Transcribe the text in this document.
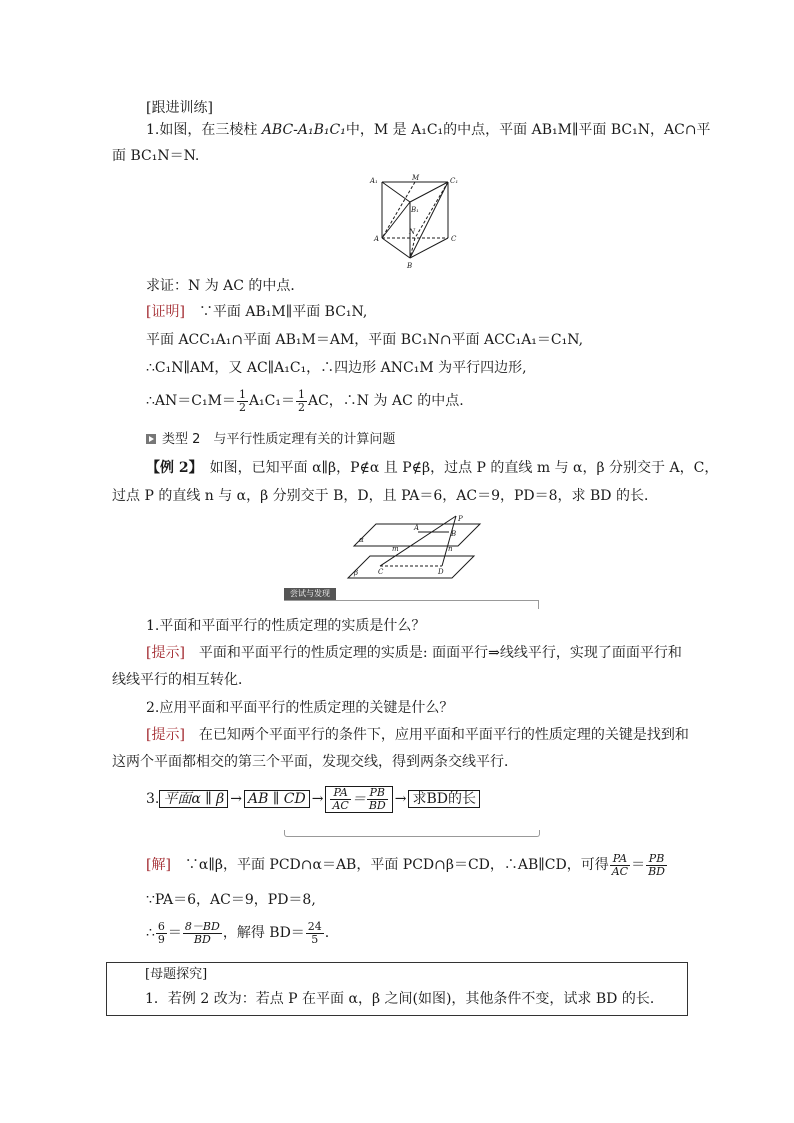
[跟进训练]
1.如图，在三棱柱 ABC-A₁B₁C₁中，M 是 A₁C₁的中点，平面 AB₁M∥平面 BC₁N，AC∩平
面 BC₁N＝N.
A₁	M	C₁
B₁
N
A	C
B
求证：N 为 AC 的中点．
[证明]　 ∵平面 AB₁M∥平面 BC₁N,
平面 ACC₁A₁∩平面 AB₁M＝AM，平面 BC₁N∩平面 ACC₁A₁＝C₁N,
∴C₁N∥AM，又 AC∥A₁C₁，∴四边形 ANC₁M 为平行四边形,
∴AN＝C₁M＝ $\frac{1}{2} A_1C_1= \frac{1}{2}$ AC，∴N 为 AC 的中点.
类型 2　与平行性质定理有关的计算问题
【例 2】　如图，已知平面 α∥β，P∉α 且 P∉β，过点 P 的直线 m 与 α，β 分别交于 A，C，
过点 P 的直线 n 与 α，β 分别交于 B，D，且 PA＝6，AC＝9，PD＝8，求 BD 的长．
P
α
A
B
m	n
C	D
β
尝试与发现
1.平面和平面平行的性质定理的实质是什么？
[提示]　平面和平面平行的性质定理的实质是: 面面平行⇒线线平行，实现了面面平行和
线线平行的相互转化．
2.应用平面和平面平行的性质定理的关键是什么？
[提示]　在已知两个平面平行的条件下，应用平面和平面平行的性质定理的关键是找到和
这两个平面都相交的第三个平面，发现交线，得到两条交线平行．
3. 平面α ∥ β → AB ∥ CD → $\frac{PA}{AC} = \frac{PB}{BD}$ → 求BD的长
[解]　∵α∥β，平面 PCD∩α＝AB，平面 PCD∩β＝CD，∴AB∥CD，可得 $\frac{PA}{AC} = \frac{PB}{BD}$
∵PA＝6，AC＝9，PD＝8,
∴ $\frac{6}{9} = \frac{8-BD}{BD}$ ，解得 $BD= \frac{24}{5}$ .
[母题探究]
1．若例 2 改为：若点 P 在平面 α，β 之间(如图)，其他条件不变，试求 BD 的长．
